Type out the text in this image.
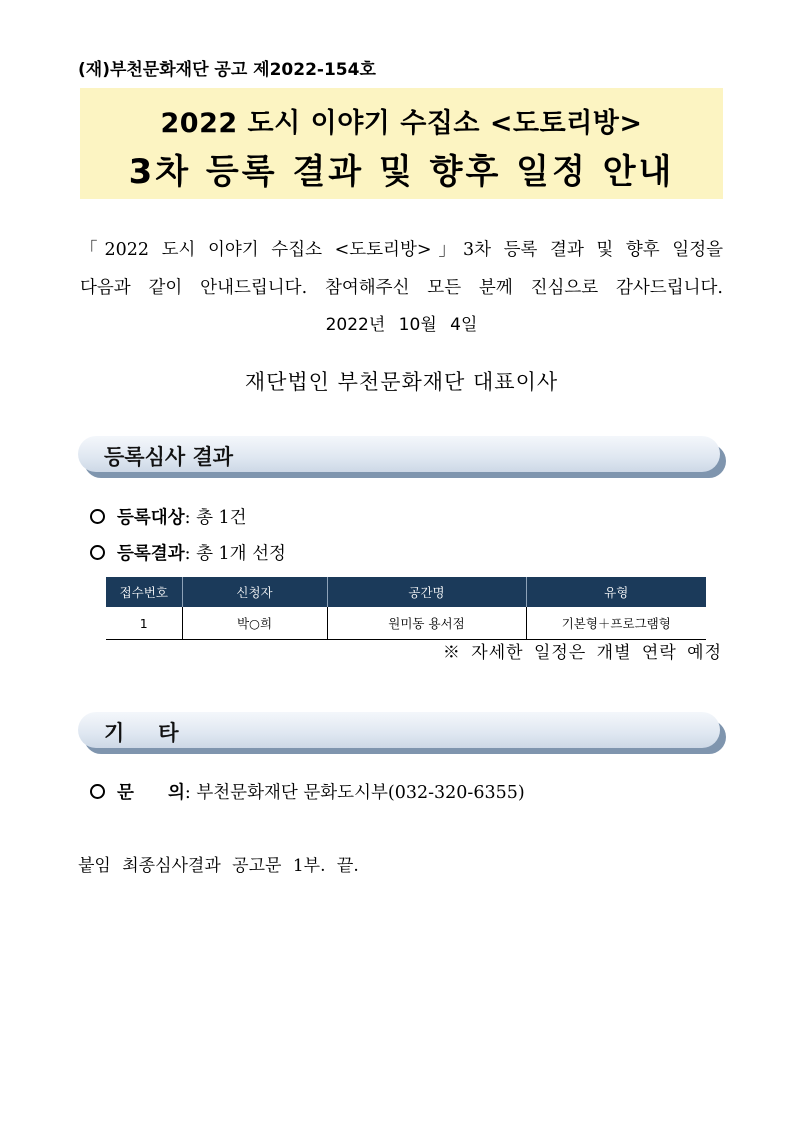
(재)부천문화재단 공고 제2022-154호
2022 도시 이야기 수집소 <도토리방>
3차 등록 결과 및 향후 일정 안내
「2022 도시 이야기 수집소 <도토리방>」3차 등록 결과 및 향후 일정을
다음과 같이 안내드립니다. 참여해주신 모든 분께 진심으로 감사드립니다.
2022년 10월 4일
재단법인 부천문화재단 대표이사
등록심사 결과
등록대상: 총 1건
등록결과: 총 1개 선정
접수번호	신청자	공간명	유형
1	박○희	원미동 용서점	기본형＋프로그램형
※ 자세한 일정은 개별 연락 예정
기타
문 의: 부천문화재단 문화도시부(032-320-6355)
붙임 최종심사결과 공고문 1부. 끝.
